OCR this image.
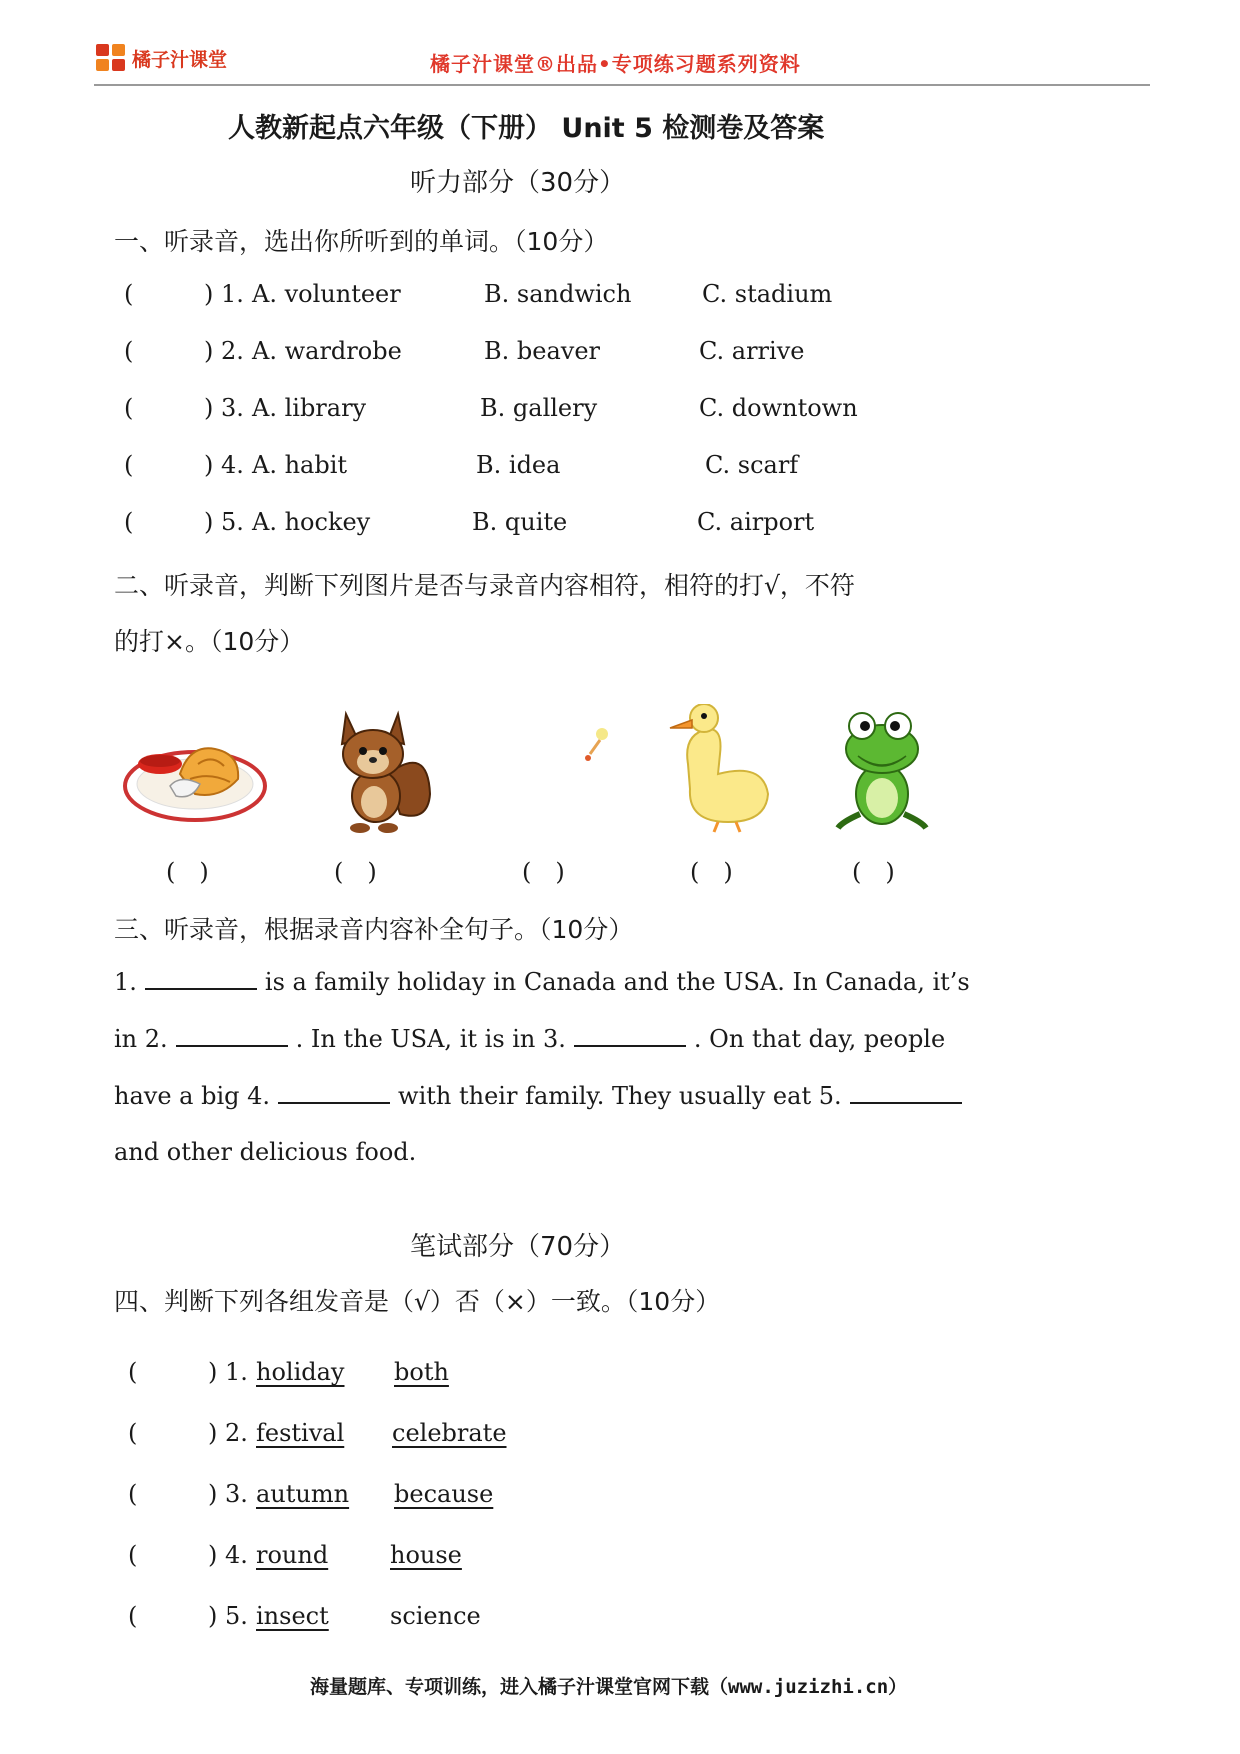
橘子汁课堂	橘子汁课堂®出品•专项练习题系列资料
人教新起点六年级（下册） Unit 5 检测卷及答案
听力部分（30分）
一、听录音，选出你所听到的单词。（10分）
(	) 1. A. volunteer	B. sandwich	C. stadium
(	) 2. A. wardrobe	B. beaver	C. arrive
(	) 3. A. library	B. gallery	C. downtown
(	) 4. A. habit	B. idea	C. scarf
(	) 5. A. hockey	B. quite	C. airport
二、听录音，判断下列图片是否与录音内容相符，相符的打√，不符
的打×。（10分）
(　)	(　)	(　)	(　)	(　)
三、听录音，根据录音内容补全句子。（10分）
1.	is a family holiday in Canada and the USA. In Canada, it’s
in 2.	. In the USA, it is in 3.	. On that day, people
have a big 4.	with their family. They usually eat 5.
and other delicious food.
笔试部分（70分）
四、判断下列各组发音是（√）否（×）一致。（10分）
(	) 1. holiday both
(	) 2. festival celebrate
(	) 3. autumn because
(	) 4. round	house
(	) 5. insect	science
海量题库、专项训练，进入橘子汁课堂官网下载（www.juzizhi.cn）
